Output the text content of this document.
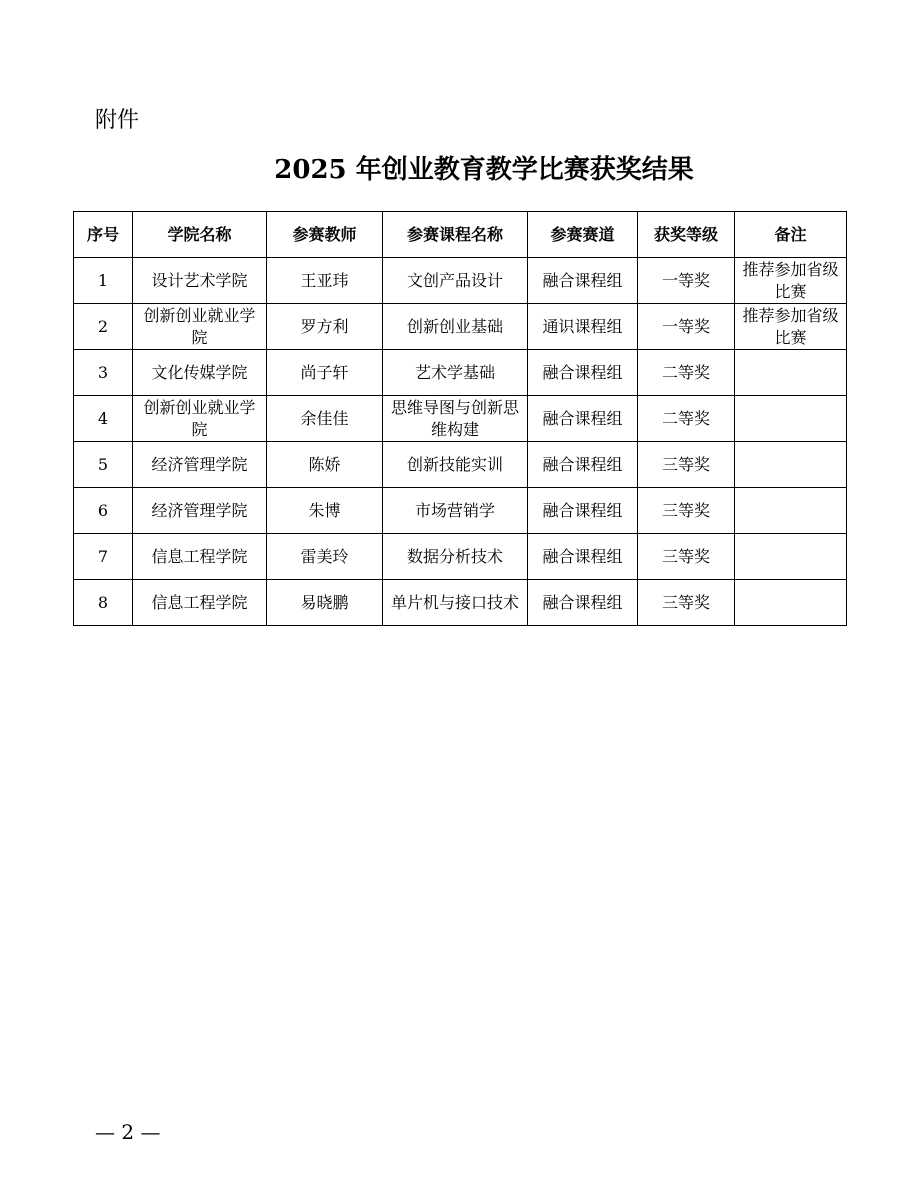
附件
2025 年创业教育教学比赛获奖结果
序号	学院名称	参赛教师	参赛课程名称	参赛赛道	获奖等级	备注
1	设计艺术学院	王亚玮	文创产品设计	融合课程组	一等奖	推荐参加省级比赛
2	创新创业就业学院	罗方利	创新创业基础	通识课程组	一等奖	推荐参加省级比赛
3	文化传媒学院	尚子轩	艺术学基础	融合课程组	二等奖	
4	创新创业就业学院	余佳佳	思维导图与创新思维构建	融合课程组	二等奖	
5	经济管理学院	陈娇	创新技能实训	融合课程组	三等奖	
6	经济管理学院	朱博	市场营销学	融合课程组	三等奖	
7	信息工程学院	雷美玲	数据分析技术	融合课程组	三等奖	
8	信息工程学院	易晓鹏	单片机与接口技术	融合课程组	三等奖	
— 2 —
